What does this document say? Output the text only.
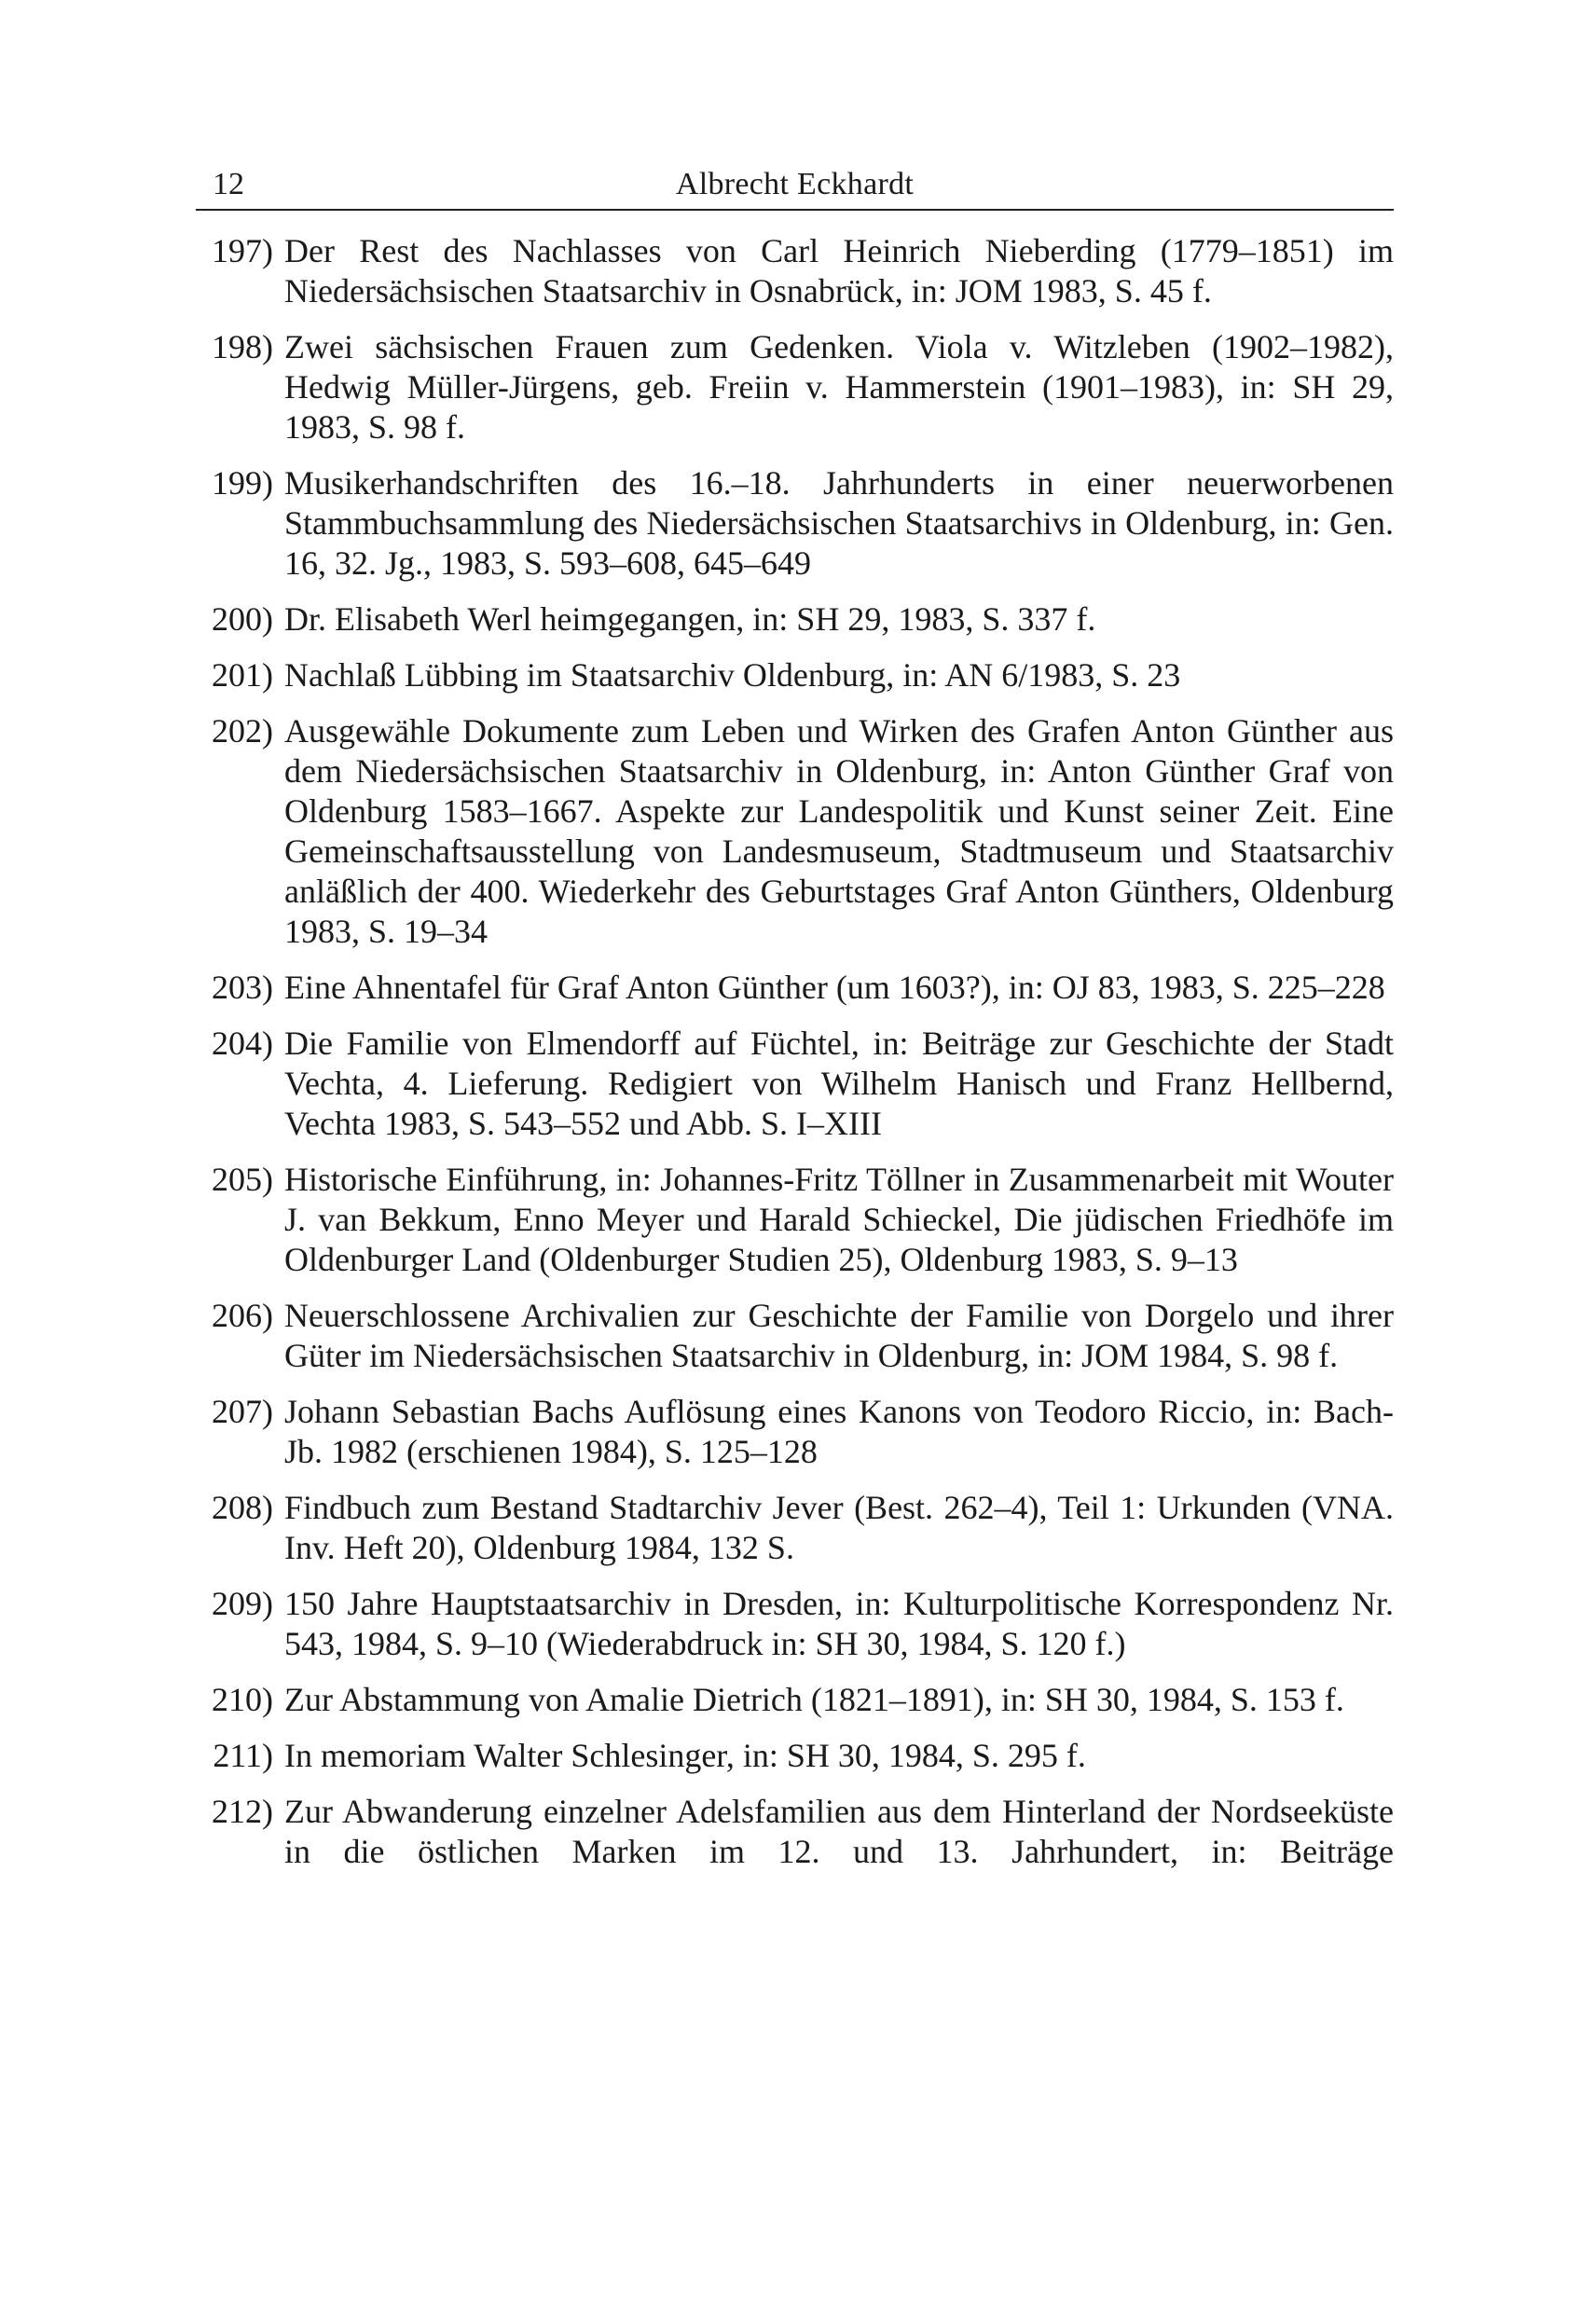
12	Albrecht Eckhardt
197) Der Rest des Nachlasses von Carl Heinrich Nieberding (1779–1851) im Niedersächsischen Staatsarchiv in Osnabrück, in: JOM 1983, S. 45 f.
198) Zwei sächsischen Frauen zum Gedenken. Viola v. Witzleben (1902–1982), Hedwig Müller-Jürgens, geb. Freiin v. Hammerstein (1901–1983), in: SH 29, 1983, S. 98 f.
199) Musikerhandschriften des 16.–18. Jahrhunderts in einer neuerworbenen Stammbuchsammlung des Niedersächsischen Staatsarchivs in Oldenburg, in: Gen. 16, 32. Jg., 1983, S. 593–608, 645–649
200) Dr. Elisabeth Werl heimgegangen, in: SH 29, 1983, S. 337 f.
201) Nachlaß Lübbing im Staatsarchiv Oldenburg, in: AN 6/1983, S. 23
202) Ausgewähle Dokumente zum Leben und Wirken des Grafen Anton Günther aus dem Niedersächsischen Staatsarchiv in Oldenburg, in: Anton Günther Graf von Oldenburg 1583–1667. Aspekte zur Landespolitik und Kunst seiner Zeit. Eine Gemeinschaftsausstellung von Landesmuseum, Stadtmuseum und Staatsarchiv anläßlich der 400. Wiederkehr des Geburtstages Graf Anton Günthers, Oldenburg 1983, S. 19–34
203) Eine Ahnentafel für Graf Anton Günther (um 1603?), in: OJ 83, 1983, S. 225–228
204) Die Familie von Elmendorff auf Füchtel, in: Beiträge zur Geschichte der Stadt Vechta, 4. Lieferung. Redigiert von Wilhelm Hanisch und Franz Hellbernd, Vechta 1983, S. 543–552 und Abb. S. I–XIII
205) Historische Einführung, in: Johannes-Fritz Töllner in Zusammenarbeit mit Wouter J. van Bekkum, Enno Meyer und Harald Schieckel, Die jüdischen Friedhöfe im Oldenburger Land (Oldenburger Studien 25), Oldenburg 1983, S. 9–13
206) Neuerschlossene Archivalien zur Geschichte der Familie von Dorgelo und ihrer Güter im Niedersächsischen Staatsarchiv in Oldenburg, in: JOM 1984, S. 98 f.
207) Johann Sebastian Bachs Auflösung eines Kanons von Teodoro Riccio, in: Bach-Jb. 1982 (erschienen 1984), S. 125–128
208) Findbuch zum Bestand Stadtarchiv Jever (Best. 262–4), Teil 1: Urkunden (VNA. Inv. Heft 20), Oldenburg 1984, 132 S.
209) 150 Jahre Hauptstaatsarchiv in Dresden, in: Kulturpolitische Korrespondenz Nr. 543, 1984, S. 9–10 (Wiederabdruck in: SH 30, 1984, S. 120 f.)
210) Zur Abstammung von Amalie Dietrich (1821–1891), in: SH 30, 1984, S. 153 f.
211) In memoriam Walter Schlesinger, in: SH 30, 1984, S. 295 f.
212) Zur Abwanderung einzelner Adelsfamilien aus dem Hinterland der Nordseeküste in die östlichen Marken im 12. und 13. Jahrhundert, in: Beiträge
